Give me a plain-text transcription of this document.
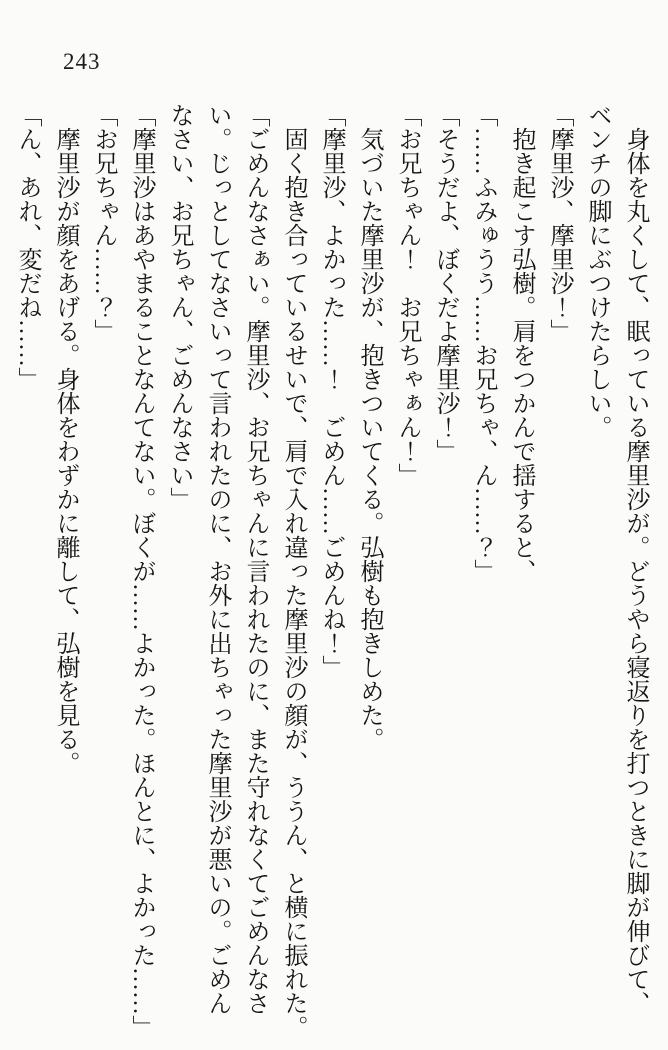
243
身体を丸くして、眠っている摩里沙が。どうやら寝返りを打つときに脚が伸びて、
ベンチの脚にぶつけたらしい。
「摩里沙、摩里沙！」
抱き起こす弘樹。肩をつかんで揺すると、
「……ふみゅうう……お兄ちゃ、ん……？」
「そうだよ、ぼくだよ摩里沙！」
「お兄ちゃん！　お兄ちゃぁん！」
気づいた摩里沙が、抱きついてくる。弘樹も抱きしめた。
「摩里沙、よかった……！　ごめん……ごめんね！」
固く抱き合っているせいで、肩で入れ違った摩里沙の顔が、ううん、と横に振れた。
「ごめんなさぁい。摩里沙、お兄ちゃんに言われたのに、また守れなくてごめんなさ
い。じっとしてなさいって言われたのに、お外に出ちゃった摩里沙が悪いの。ごめん
なさい、お兄ちゃん、ごめんなさい」
「摩里沙はあやまることなんてない。ぼくが……よかった。ほんとに、よかった……」
「お兄ちゃん……？」
摩里沙が顔をあげる。身体をわずかに離して、弘樹を見る。
「ん、あれ、変だね……」
